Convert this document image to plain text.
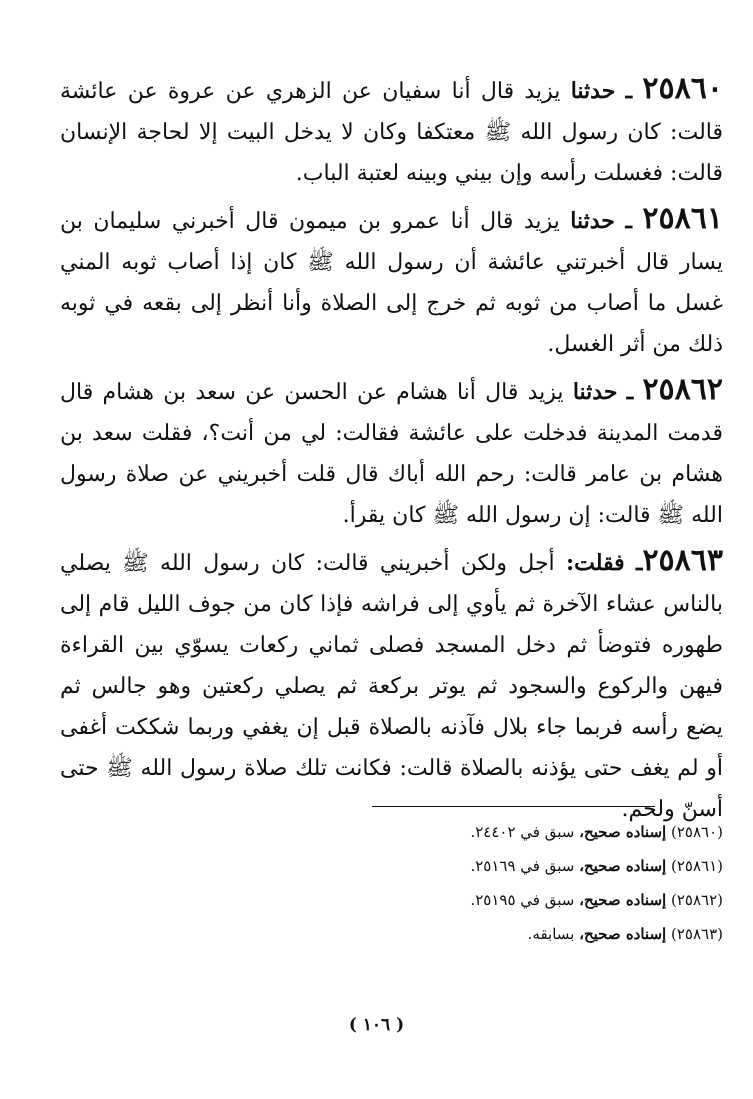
٢٥٨٦٠ ـ حدثنا يزيد قال أنا سفيان عن الزهري عن عروة عن عائشة قالت: كان رسول الله ﷺ معتكفا وكان لا يدخل البيت إلا لحاجة الإنسان قالت: فغسلت رأسه وإن بيني وبينه لعتبة الباب.

٢٥٨٦١ ـ حدثنا يزيد قال أنا عمرو بن ميمون قال أخبرني سليمان بن يسار قال أخبرتني عائشة أن رسول الله ﷺ كان إذا أصاب ثوبه المني غسل ما أصاب من ثوبه ثم خرج إلى الصلاة وأنا أنظر إلى بقعه في ثوبه ذلك من أثر الغسل.

٢٥٨٦٢ ـ حدثنا يزيد قال أنا هشام عن الحسن عن سعد بن هشام قال قدمت المدينة فدخلت على عائشة فقالت: لي من أنت؟، فقلت سعد بن هشام بن عامر قالت: رحم الله أباك قال قلت أخبريني عن صلاة رسول الله ﷺ قالت: إن رسول الله ﷺ كان يقرأ.

٢٥٨٦٣ـ فقلت: أجل ولكن أخبريني قالت: كان رسول الله ﷺ يصلي بالناس عشاء الآخرة ثم يأوي إلى فراشه فإذا كان من جوف الليل قام إلى طهوره فتوضأ ثم دخل المسجد فصلى ثماني ركعات يسوّي بين القراءة فيهن والركوع والسجود ثم يوتر بركعة ثم يصلي ركعتين وهو جالس ثم يضع رأسه فربما جاء بلال فآذنه بالصلاة قبل إن يغفي وربما شككت أغفى أو لم يغف حتى يؤذنه بالصلاة قالت: فكانت تلك صلاة رسول الله ﷺ حتى أسنّ ولحم.

(٢٥٨٦٠) إسناده صحيح، سبق في ٢٤٤٠٢.
(٢٥٨٦١) إسناده صحيح، سبق في ٢٥١٦٩.
(٢٥٨٦٢) إسناده صحيح، سبق في ٢٥١٩٥.
(٢٥٨٦٣) إسناده صحيح، بسابقه.
( ١٠٦ )
